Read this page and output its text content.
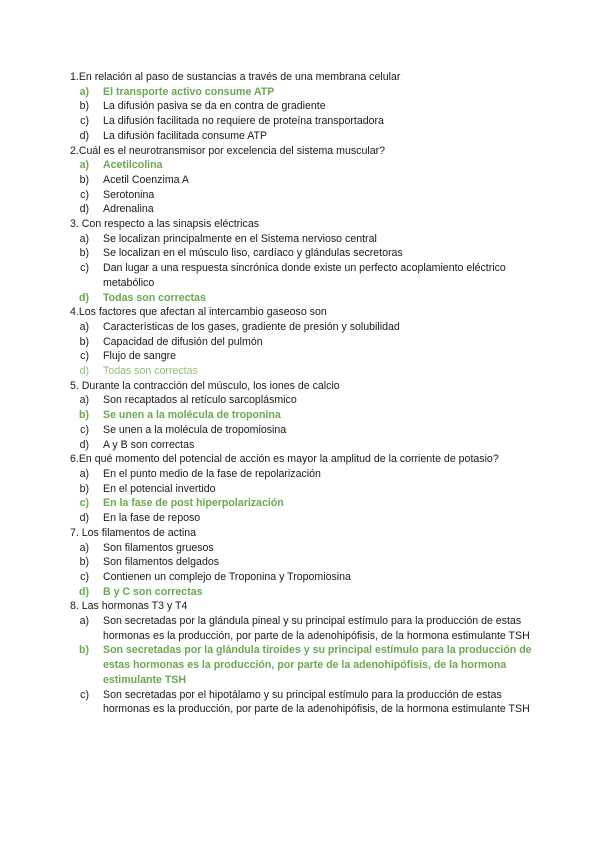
1.En relación al paso de sustancias a través de una membrana celular
a)	El transporte activo consume ATP
b)	La difusión pasiva se da en contra de gradiente
c)	La difusión facilitada no requiere de proteína transportadora
d)	La difusión facilitada consume ATP
2.Cuál es el neurotransmisor por excelencia del sistema muscular?
a)	Acetilcolina
b)	Acetil Coenzima A
c)	Serotonina
d)	Adrenalina
3. Con respecto a las sinapsis eléctricas
a)	Se localizan principalmente en el Sistema nervioso central
b)	Se localizan en el músculo liso, cardíaco y glándulas secretoras
c)	Dan lugar a una respuesta sincrónica donde existe un perfecto acoplamiento eléctrico metabólico
d)	Todas son correctas
4.Los factores que afectan al intercambio gaseoso son
a)	Características de los gases, gradiente de presión y solubilidad
b)	Capacidad de difusión del pulmón
c)	Flujo de sangre
d)	Todas son correctas
5. Durante la contracción del músculo, los iones de calcio
a)	Son recaptados al retículo sarcoplásmico
b)	Se unen a la molécula de troponina
c)	Se unen a la molécula de tropomiosina
d)	A y B son correctas
6.En qué momento del potencial de acción es mayor la amplitud de la corriente de potasio?
a)	En el punto medio de la fase de repolarización
b)	En el potencial invertido
c)	En la fase de post hiperpolarización
d)	En la fase de reposo
7. Los filamentos de actina
a)	Son filamentos gruesos
b)	Son filamentos delgados
c)	Contienen un complejo de Troponina y Tropomiosina
d)	B y C son correctas
8. Las hormonas T3 y T4
a)	Son secretadas por la glándula pineal y su principal estímulo para la producción de estas hormonas es la producción, por parte de la adenohipófisis, de la hormona estimulante TSH
b)	Son secretadas por la glándula tiroides y su principal estímulo para la producción de estas hormonas es la producción, por parte de la adenohipófisis, de la hormona estimulante TSH
c)	Son secretadas por el hipotálamo y su principal estímulo para la producción de estas hormonas es la producción, por parte de la adenohipófisis, de la hormona estimulante TSH
